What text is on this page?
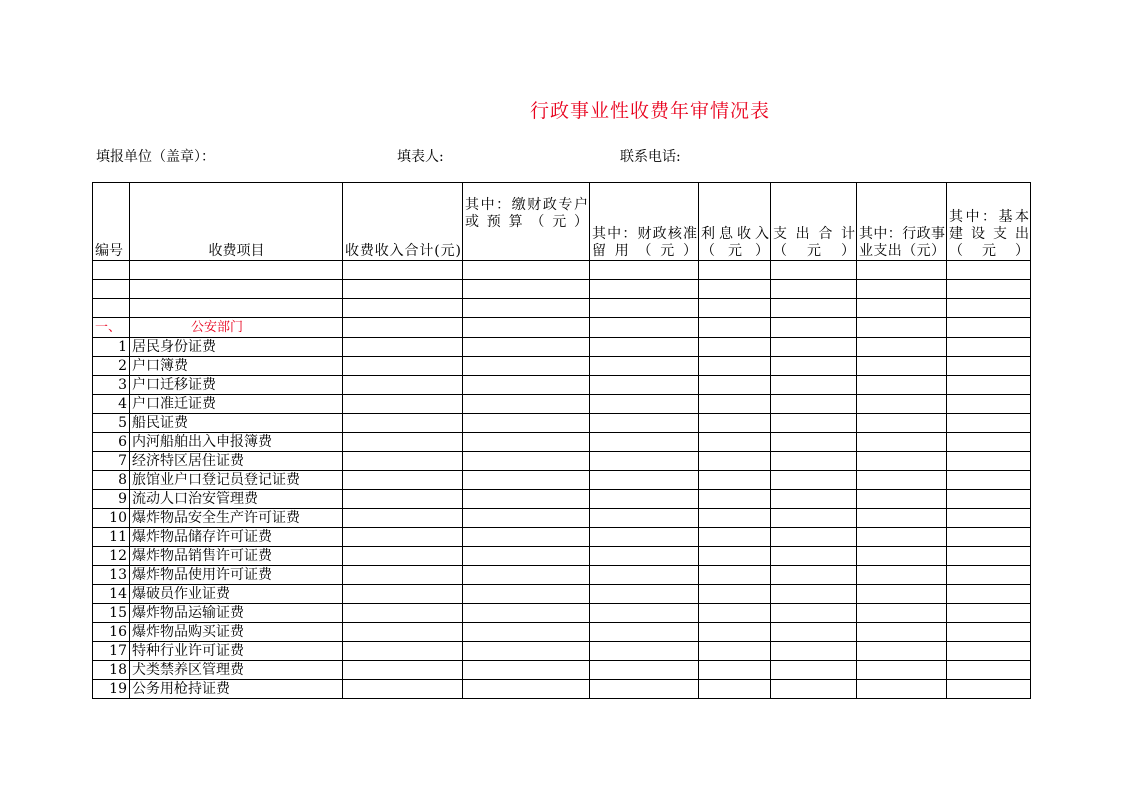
行政事业性收费年审情况表
填报单位（盖章）：	填表人:	联系电话:
编号	收费项目	收费收入合计(元)	其中：缴财政专户或预算（元）	其中：财政核准留用（元）	利息收入（元）	支出合计（元）	其中：行政事业支出（元）	其中：基本建设支出（元）

一、	公安部门							
1	居民身份证费							
2	户口簿费							
3	户口迁移证费							
4	户口准迁证费							
5	船民证费							
6	内河船舶出入申报簿费							
7	经济特区居住证费							
8	旅馆业户口登记员登记证费							
9	流动人口治安管理费							
10	爆炸物品安全生产许可证费							
11	爆炸物品储存许可证费							
12	爆炸物品销售许可证费							
13	爆炸物品使用许可证费							
14	爆破员作业证费							
15	爆炸物品运输证费							
16	爆炸物品购买证费							
17	特种行业许可证费							
18	犬类禁养区管理费							
19	公务用枪持证费							
